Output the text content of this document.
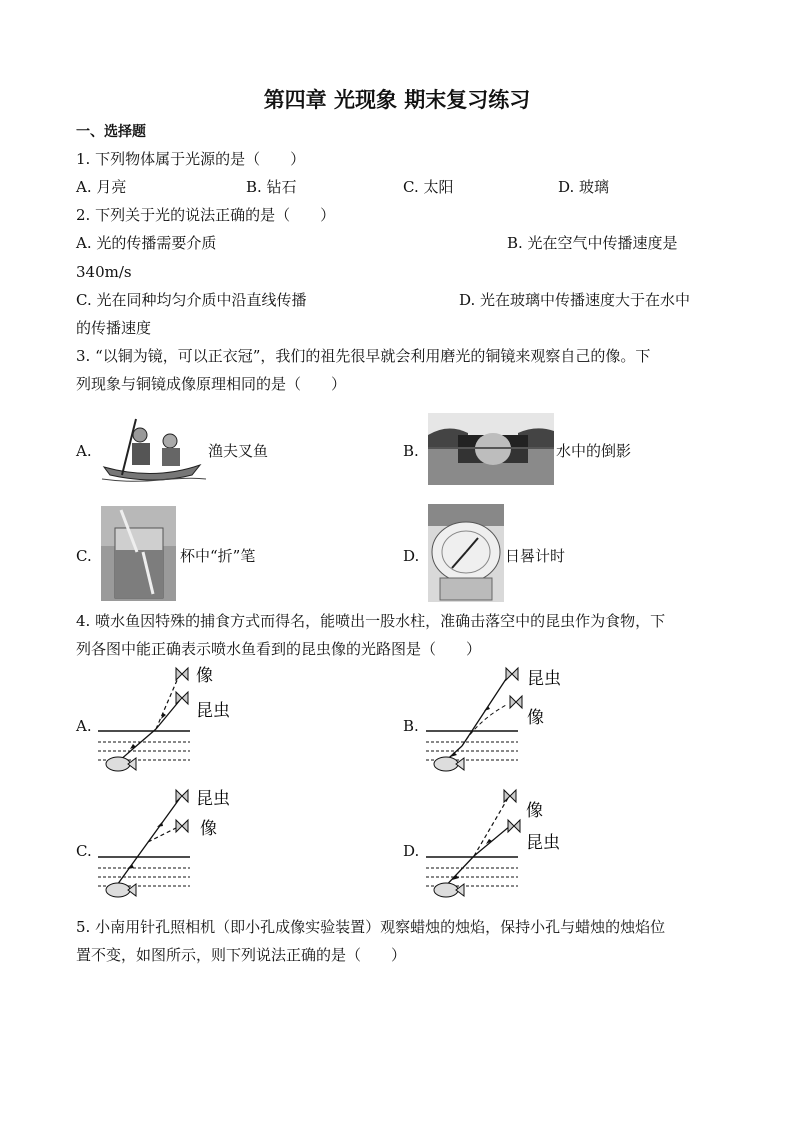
第四章 光现象 期末复习练习
一、选择题
1. 下列物体属于光源的是（　　）
A. 月亮	B. 钻石	C. 太阳	D. 玻璃
2. 下列关于光的说法正确的是（　　）
A. 光的传播需要介质	B. 光在空气中传播速度是
340m/s
C. 光在同种均匀介质中沿直线传播	D. 光在玻璃中传播速度大于在水中
的传播速度
3. “以铜为镜，可以正衣冠”，我们的祖先很早就会利用磨光的铜镜来观察自己的像。下
列现象与铜镜成像原理相同的是（　　）
A.	渔夫叉鱼	B.	水中的倒影
C.	杯中“折”笔	D.	日晷计时
4. 喷水鱼因特殊的捕食方式而得名，能喷出一股水柱，准确击落空中的昆虫作为食物，下
列各图中能正确表示喷水鱼看到的昆虫像的光路图是（　　）
A.
像
昆虫
B.
昆虫
像
C.
昆虫
像
D.
像
昆虫
5. 小南用针孔照相机（即小孔成像实验装置）观察蜡烛的烛焰，保持小孔与蜡烛的烛焰位
置不变，如图所示，则下列说法正确的是（　　）
